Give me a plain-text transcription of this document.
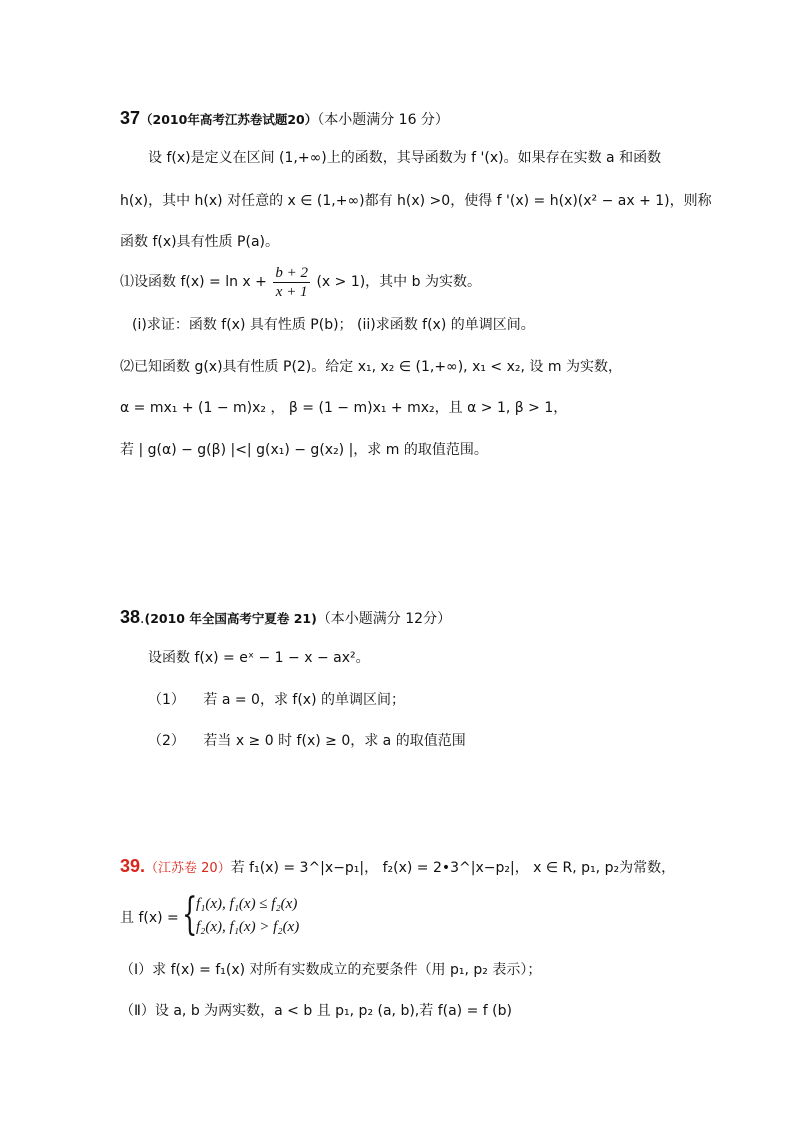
37（2010年高考江苏卷试题20）（本小题满分 16 分）
设 f(x)是定义在区间 (1,+∞)上的函数，其导函数为 f '(x)。如果存在实数 a 和函数
h(x)，其中 h(x) 对任意的 x ∈ (1,+∞)都有 h(x) >0，使得 f '(x) = h(x)(x² − ax + 1)，则称
函数 f(x)具有性质 P(a)。
⑴设函数 $f(x) = \ln x + \frac{b + 2}{x + 1} (x > 1)$，其中 b 为实数。
(i)求证：函数 f(x) 具有性质 P(b)； (ii)求函数 f(x) 的单调区间。
⑵已知函数 g(x)具有性质 P(2)。给定 x₁, x₂ ∈ (1,+∞), x₁ < x₂, 设 m 为实数，
α = mx₁ + (1 − m)x₂ ， β = (1 − m)x₁ + mx₂，且 α > 1, β > 1，
若 | g(α) − g(β) |<| g(x₁) − g(x₂) |，求 m 的取值范围。
38.(2010 年全国高考宁夏卷 21)（本小题满分 12分）
设函数 f(x) = eˣ − 1 − x − ax²。
（1） 若 a = 0，求 f(x) 的单调区间；
（2） 若当 x ≥ 0 时 f(x) ≥ 0，求 a 的取值范围
39.（江苏卷 20）若 f₁(x) = 3^|x−p₁|， f₂(x) = 2•3^|x−p₂|， x ∈ R, p₁, p₂为常数，
且 f(x) = {
f₁(x), f₁(x) ≤ f₂(x)
f₂(x), f₁(x) > f₂(x)
（Ⅰ）求 f(x) = f₁(x) 对所有实数成立的充要条件（用 p₁, p₂ 表示）；
（Ⅱ）设 a, b 为两实数，a < b 且 p₁, p₂ (a, b),若 f(a) = f (b)
